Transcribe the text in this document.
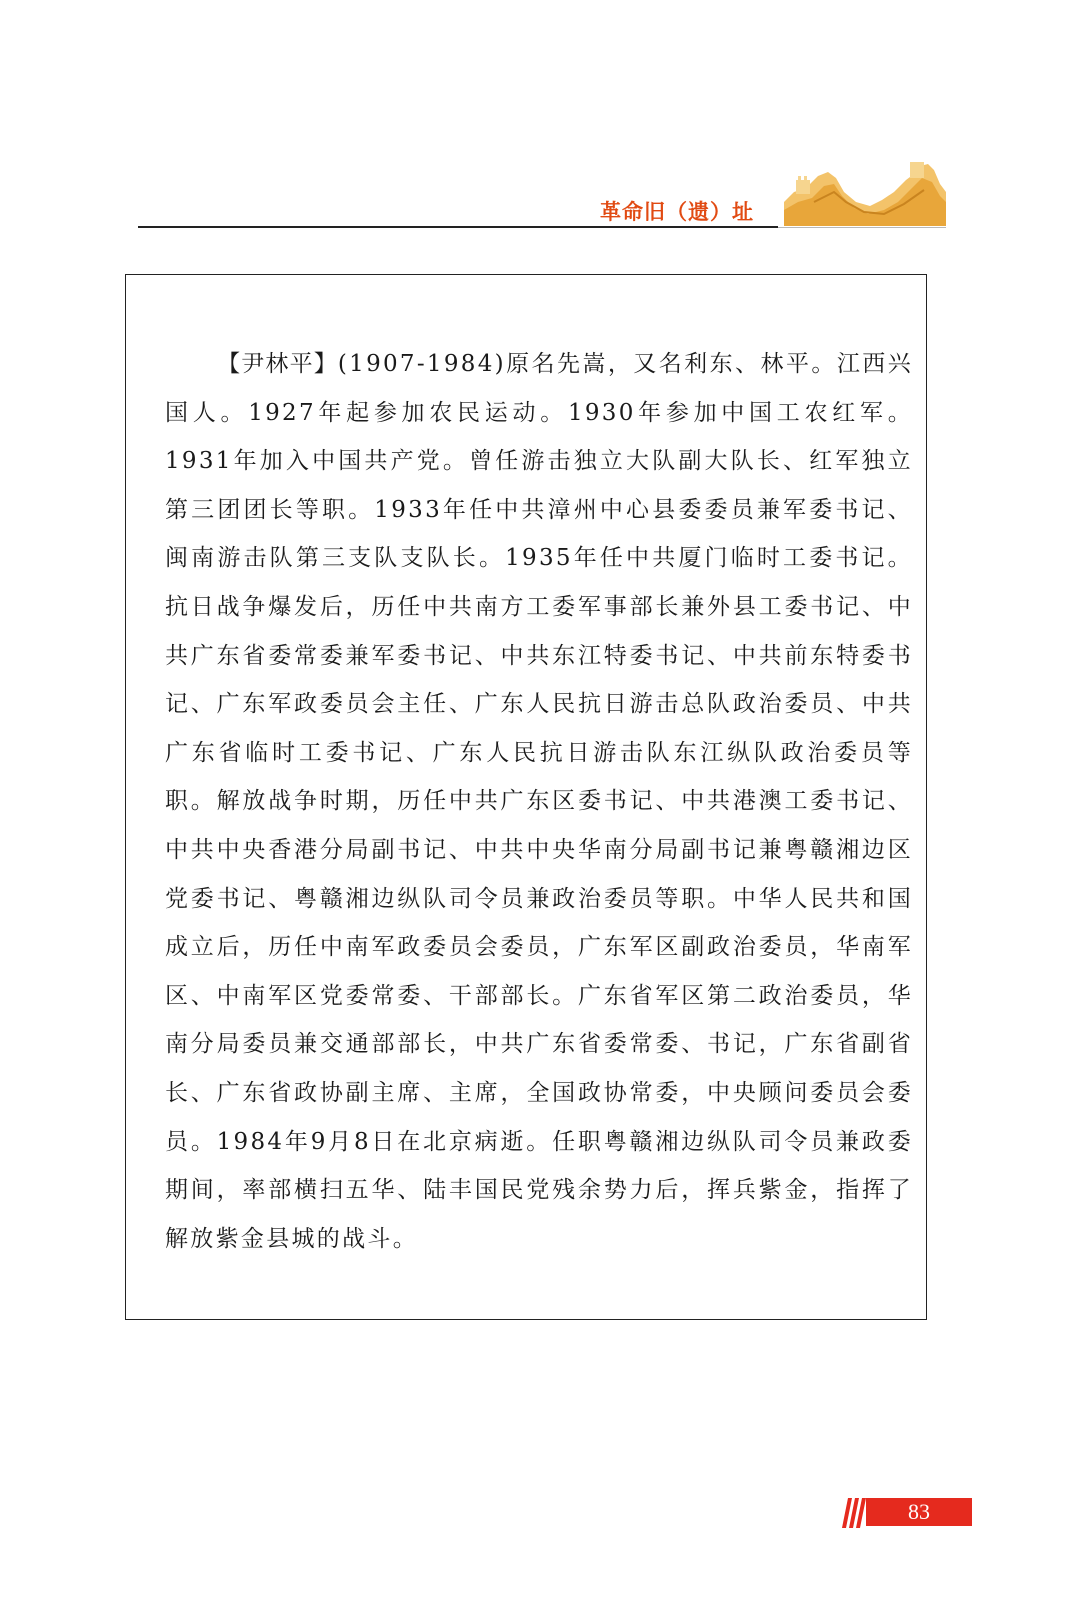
革命旧（遗）址

【尹林平】(1907-1984)原名先嵩，又名利东、林平。江西兴国人。1927年起参加农民运动。1930年参加中国工农红军。1931年加入中国共产党。曾任游击独立大队副大队长、红军独立第三团团长等职。1933年任中共漳州中心县委委员兼军委书记、闽南游击队第三支队支队长。1935年任中共厦门临时工委书记。抗日战争爆发后，历任中共南方工委军事部长兼外县工委书记、中共广东省委常委兼军委书记、中共东江特委书记、中共前东特委书记、广东军政委员会主任、广东人民抗日游击总队政治委员、中共广东省临时工委书记、广东人民抗日游击队东江纵队政治委员等职。解放战争时期，历任中共广东区委书记、中共港澳工委书记、中共中央香港分局副书记、中共中央华南分局副书记兼粤赣湘边区党委书记、粤赣湘边纵队司令员兼政治委员等职。中华人民共和国成立后，历任中南军政委员会委员，广东军区副政治委员，华南军区、中南军区党委常委、干部部长。广东省军区第二政治委员，华南分局委员兼交通部部长，中共广东省委常委、书记，广东省副省长、广东省政协副主席、主席，全国政协常委，中央顾问委员会委员。1984年9月8日在北京病逝。任职粤赣湘边纵队司令员兼政委期间，率部横扫五华、陆丰国民党残余势力后，挥兵紫金，指挥了解放紫金县城的战斗。

83
